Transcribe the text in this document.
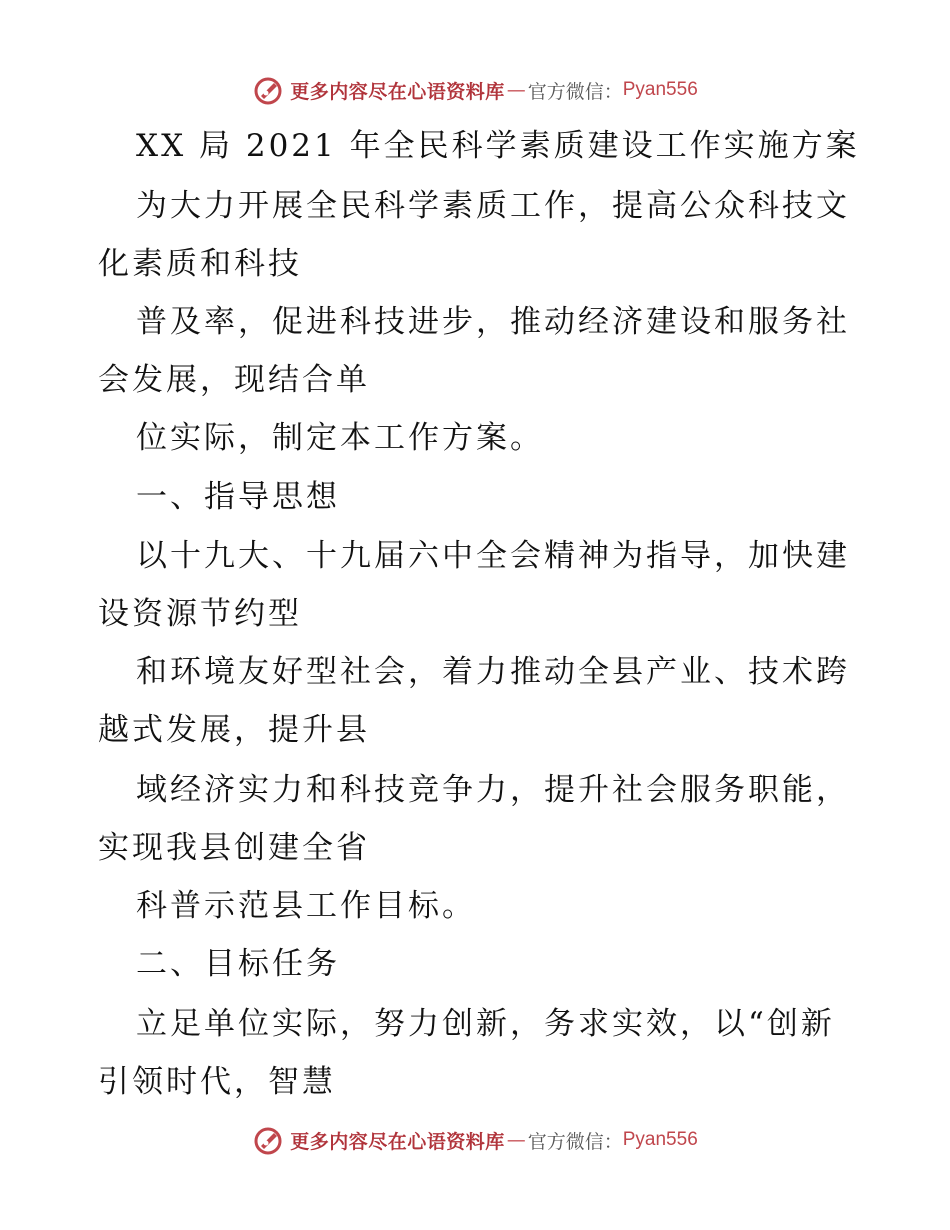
更多内容尽在心语资料库 — 官方微信： Pyan556
XX 局 2021 年全民科学素质建设工作实施方案
为大力开展全民科学素质工作，提高公众科技文
化素质和科技
普及率，促进科技进步，推动经济建设和服务社
会发展，现结合单
位实际，制定本工作方案。
一、指导思想
以十九大、十九届六中全会精神为指导，加快建
设资源节约型
和环境友好型社会，着力推动全县产业、技术跨
越式发展，提升县
域经济实力和科技竞争力，提升社会服务职能，
实现我县创建全省
科普示范县工作目标。
二、目标任务
立足单位实际，努力创新，务求实效，以“创新
引领时代，智慧
更多内容尽在心语资料库 — 官方微信： Pyan556
